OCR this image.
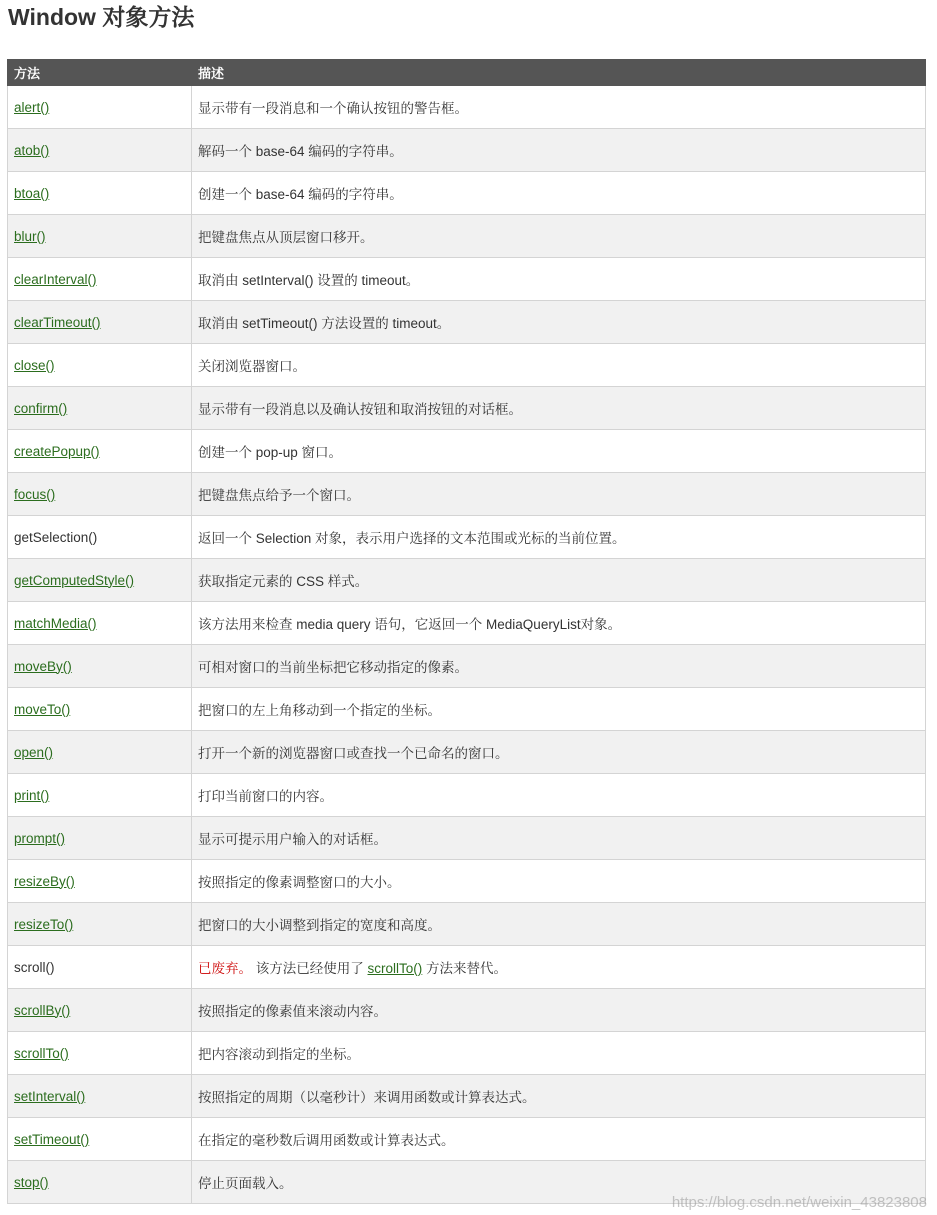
Window 对象方法
方法	描述
alert()	显示带有一段消息和一个确认按钮的警告框。
atob()	解码一个 base-64 编码的字符串。
btoa()	创建一个 base-64 编码的字符串。
blur()	把键盘焦点从顶层窗口移开。
clearInterval()	取消由 setInterval() 设置的 timeout。
clearTimeout()	取消由 setTimeout() 方法设置的 timeout。
close()	关闭浏览器窗口。
confirm()	显示带有一段消息以及确认按钮和取消按钮的对话框。
createPopup()	创建一个 pop-up 窗口。
focus()	把键盘焦点给予一个窗口。
getSelection()	返回一个 Selection 对象，表示用户选择的文本范围或光标的当前位置。
getComputedStyle()	获取指定元素的 CSS 样式。
matchMedia()	该方法用来检查 media query 语句，它返回一个 MediaQueryList对象。
moveBy()	可相对窗口的当前坐标把它移动指定的像素。
moveTo()	把窗口的左上角移动到一个指定的坐标。
open()	打开一个新的浏览器窗口或查找一个已命名的窗口。
print()	打印当前窗口的内容。
prompt()	显示可提示用户输入的对话框。
resizeBy()	按照指定的像素调整窗口的大小。
resizeTo()	把窗口的大小调整到指定的宽度和高度。
scroll()	已废弃。 该方法已经使用了 scrollTo() 方法来替代。
scrollBy()	按照指定的像素值来滚动内容。
scrollTo()	把内容滚动到指定的坐标。
setInterval()	按照指定的周期（以毫秒计）来调用函数或计算表达式。
setTimeout()	在指定的毫秒数后调用函数或计算表达式。
stop()	停止页面载入。
https://blog.csdn.net/weixin_43823808
